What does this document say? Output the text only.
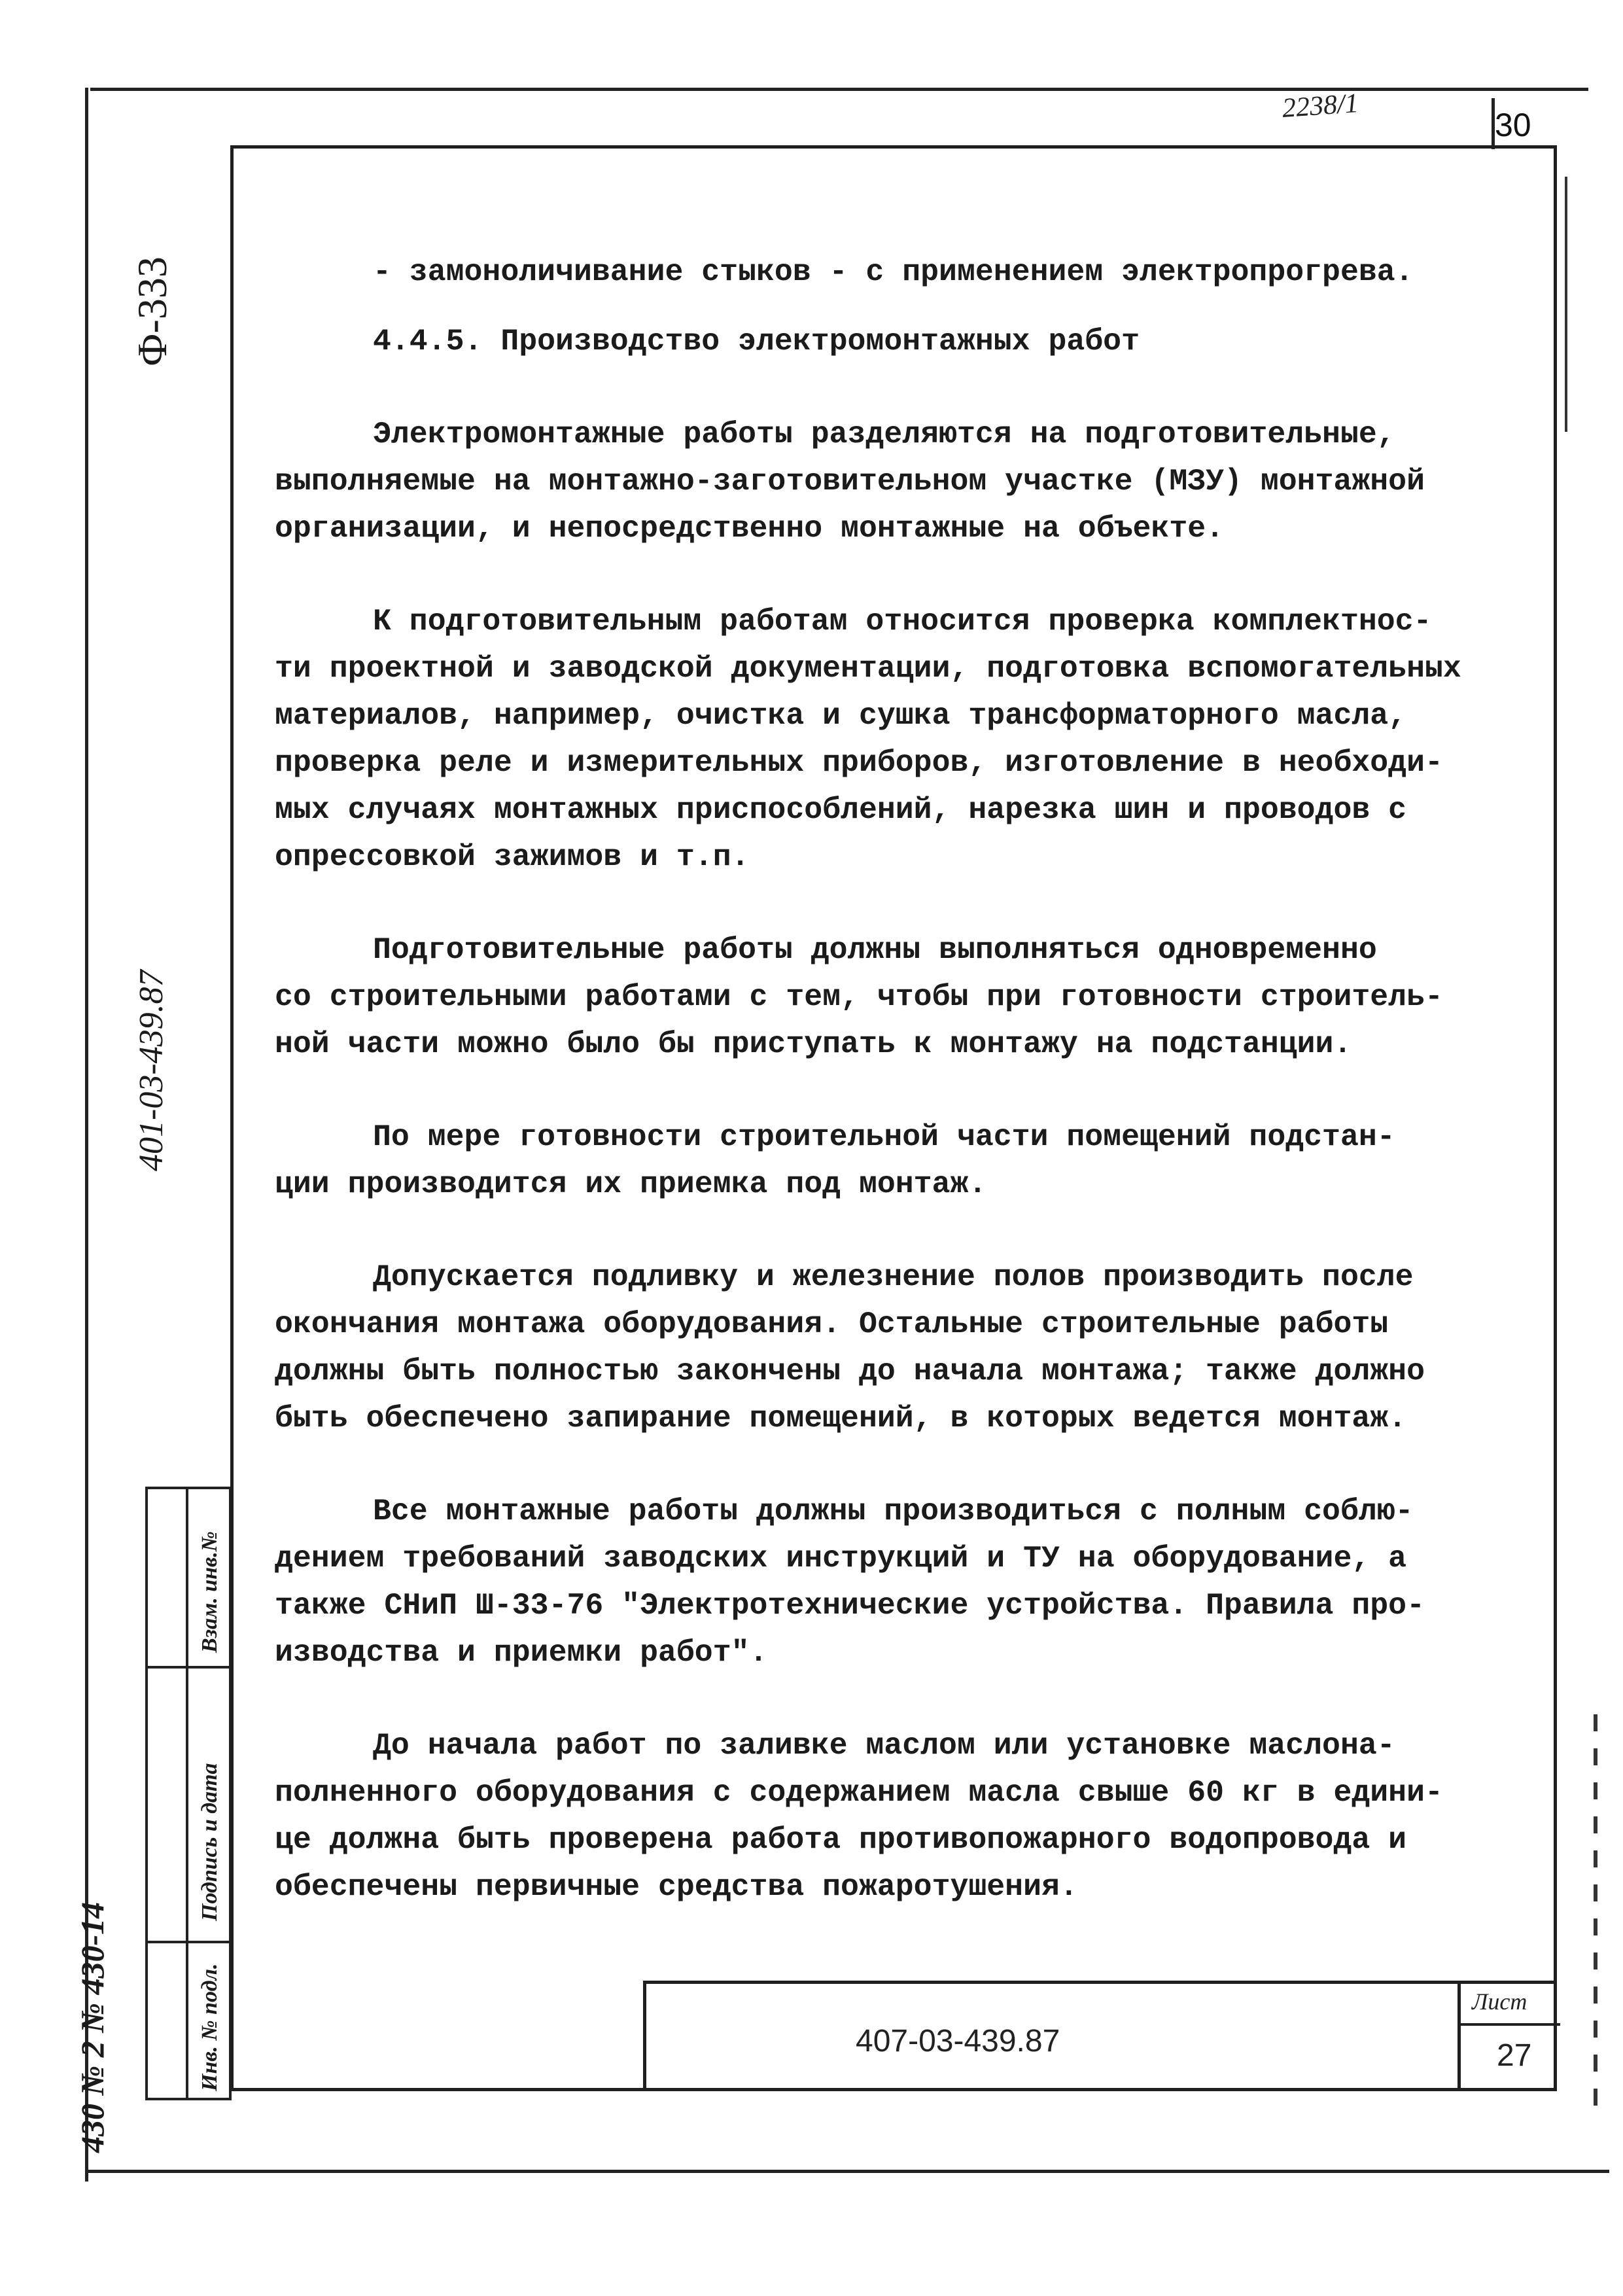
30
2238/1
Ф-333
401-03-439.87
430 № 2 № 430-14
Взам. инв.№
Подпись и дата
Инв. № подл.
- замоноличивание стыков - с применением электропрогрева.
4.4.5. Производство электромонтажных работ
Электромонтажные работы разделяются на подготовительные,
выполняемые на монтажно-заготовительном участке (МЗУ) монтажной
организации, и непосредственно монтажные на объекте.
К подготовительным работам относится проверка комплектнос-
ти проектной и заводской документации, подготовка вспомогательных
материалов, например, очистка и сушка трансформаторного масла,
проверка реле и измерительных приборов, изготовление в необходи-
мых случаях монтажных приспособлений, нарезка шин и проводов с
опрессовкой зажимов и т.п.
Подготовительные работы должны выполняться одновременно
со строительными работами с тем, чтобы при готовности строитель-
ной части можно было бы приступать к монтажу на подстанции.
По мере готовности строительной части помещений подстан-
ции производится их приемка под монтаж.
Допускается подливку и железнение полов производить после
окончания монтажа оборудования. Остальные строительные работы
должны быть полностью закончены до начала монтажа; также должно
быть обеспечено запирание помещений, в которых ведется монтаж.
Все монтажные работы должны производиться с полным соблю-
дением требований заводских инструкций и ТУ на оборудование, а
также СНиП Ш-33-76 "Электротехнические устройства. Правила про-
изводства и приемки работ".
До начала работ по заливке маслом или установке маслона-
полненного оборудования с содержанием масла свыше 60 кг в едини-
це должна быть проверена работа противопожарного водопровода и
обеспечены первичные средства пожаротушения.
407-03-439.87
Лист
27
